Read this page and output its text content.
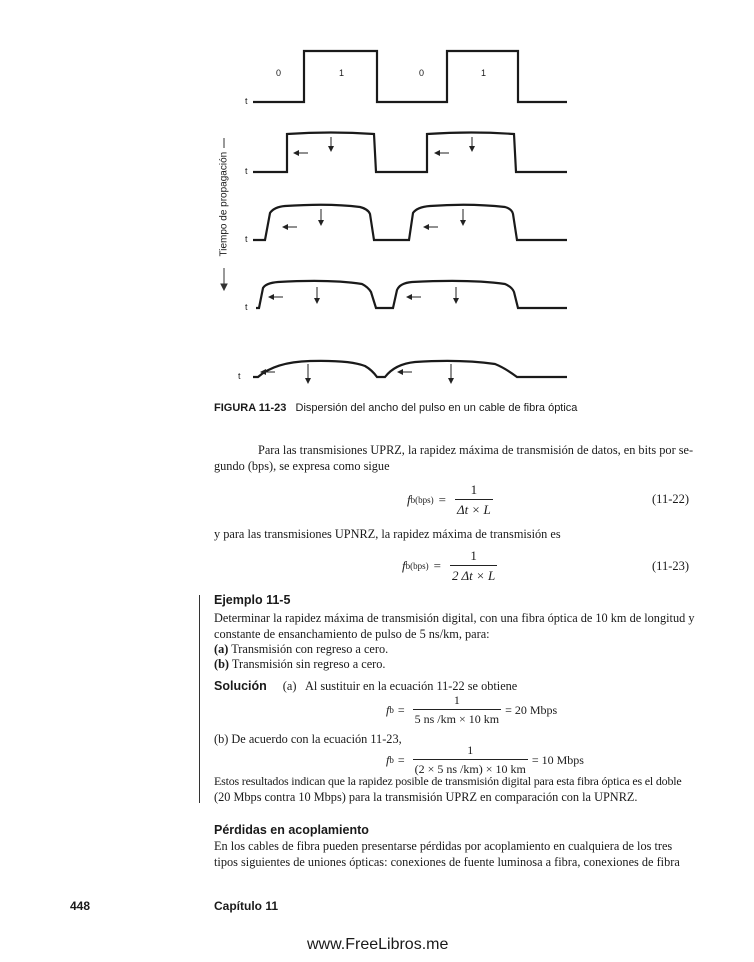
0	1	0	1
t
t
t
t
t
Tiempo de propagación
FIGURA 11-23 Dispersión del ancho del pulso en un cable de fibra óptica
Para las transmisiones UPRZ, la rapidez máxima de transmisión de datos, en bits por se-
gundo (bps), se expresa como sigue
f $b(bps) = \frac{1}{\Delta t \times L}$	(11-22)
y para las transmisiones UPNRZ, la rapidez máxima de transmisión es
f $b(bps) = \frac{1}{2 \Delta t \times L}$	(11-23)
Ejemplo 11-5
Determinar la rapidez máxima de transmisión digital, con una fibra óptica de 10 km de longitud y
constante de ensanchamiento de pulso de 5 ns/km, para:
(a) Transmisión con regreso a cero.
(b) Transmisión sin regreso a cero.
Solución (a)   Al sustituir en la ecuación 11-22 se obtiene
f $b = \frac{1}{5 ns /km \times 10 km} = 20$ Mbps
(b) De acuerdo con la ecuación 11-23,
f $b = \frac{1}{(2 \times 5 ns /km) \times 10 km} = 10$ Mbps
Estos resultados indican que la rapidez posible de transmisión digital para esta fibra óptica es el doble
(20 Mbps contra 10 Mbps) para la transmisión UPRZ en comparación con la UPNRZ.
Pérdidas en acoplamiento
En los cables de fibra pueden presentarse pérdidas por acoplamiento en cualquiera de los tres
tipos siguientes de uniones ópticas: conexiones de fuente luminosa a fibra, conexiones de fibra
448	Capítulo 11
www.FreeLibros.me
